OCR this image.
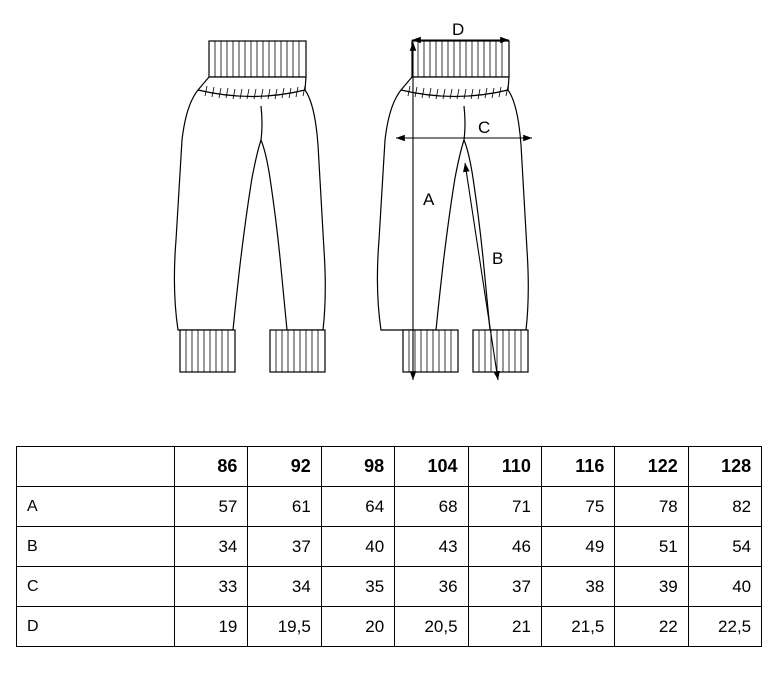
D
C
A
B
	86	92	98	104	110	116	122	128
A	57	61	64	68	71	75	78	82
B	34	37	40	43	46	49	51	54
C	33	34	35	36	37	38	39	40
D	19	19,5	20	20,5	21	21,5	22	22,5
